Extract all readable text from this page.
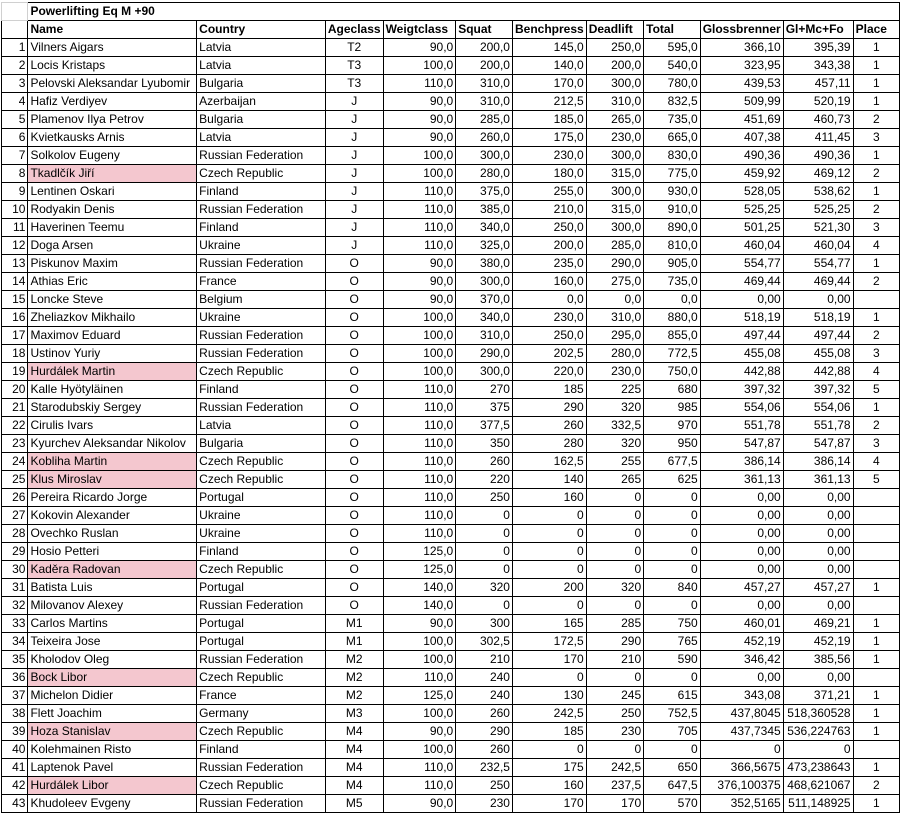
	Powerlifting Eq M +90										
	Name	Country	Ageclass	Weigtclass	Squat	Benchpress	Deadlift	Total	Glossbrenner	Gl+Mc+Fo	Place
1	Vilners Aigars	Latvia	T2	90,0	200,0	145,0	250,0	595,0	366,10	395,39	1
2	Locis Kristaps	Latvia	T3	100,0	200,0	140,0	200,0	540,0	323,95	343,38	1
3	Pelovski Aleksandar Lyubomir	Bulgaria	T3	110,0	310,0	170,0	300,0	780,0	439,53	457,11	1
4	Hafiz Verdiyev	Azerbaijan	J	90,0	310,0	212,5	310,0	832,5	509,99	520,19	1
5	Plamenov Ilya Petrov	Bulgaria	J	90,0	285,0	185,0	265,0	735,0	451,69	460,73	2
6	Kvietkausks Arnis	Latvia	J	90,0	260,0	175,0	230,0	665,0	407,38	411,45	3
7	Solkolov Eugeny	Russian Federation	J	100,0	300,0	230,0	300,0	830,0	490,36	490,36	1
8	Tkadlčík Jiří	Czech Republic	J	100,0	280,0	180,0	315,0	775,0	459,92	469,12	2
9	Lentinen Oskari	Finland	J	110,0	375,0	255,0	300,0	930,0	528,05	538,62	1
10	Rodyakin Denis	Russian Federation	J	110,0	385,0	210,0	315,0	910,0	525,25	525,25	2
11	Haverinen Teemu	Finland	J	110,0	340,0	250,0	300,0	890,0	501,25	521,30	3
12	Doga Arsen	Ukraine	J	110,0	325,0	200,0	285,0	810,0	460,04	460,04	4
13	Piskunov Maxim	Russian Federation	O	90,0	380,0	235,0	290,0	905,0	554,77	554,77	1
14	Athias Eric	France	O	90,0	300,0	160,0	275,0	735,0	469,44	469,44	2
15	Loncke Steve	Belgium	O	90,0	370,0	0,0	0,0	0,0	0,00	0,00	
16	Zheliazkov Mikhailo	Ukraine	O	100,0	340,0	230,0	310,0	880,0	518,19	518,19	1
17	Maximov Eduard	Russian Federation	O	100,0	310,0	250,0	295,0	855,0	497,44	497,44	2
18	Ustinov Yuriy	Russian Federation	O	100,0	290,0	202,5	280,0	772,5	455,08	455,08	3
19	Hurdálek Martin	Czech Republic	O	100,0	300,0	220,0	230,0	750,0	442,88	442,88	4
20	Kalle Hyötyläinen	Finland	O	110,0	270	185	225	680	397,32	397,32	5
21	Starodubskiy Sergey	Russian Federation	O	110,0	375	290	320	985	554,06	554,06	1
22	Cirulis Ivars	Latvia	O	110,0	377,5	260	332,5	970	551,78	551,78	2
23	Kyurchev Aleksandar Nikolov	Bulgaria	O	110,0	350	280	320	950	547,87	547,87	3
24	Kobliha Martin	Czech Republic	O	110,0	260	162,5	255	677,5	386,14	386,14	4
25	Klus Miroslav	Czech Republic	O	110,0	220	140	265	625	361,13	361,13	5
26	Pereira Ricardo Jorge	Portugal	O	110,0	250	160	0	0	0,00	0,00	
27	Kokovin Alexander	Ukraine	O	110,0	0	0	0	0	0,00	0,00	
28	Ovechko Ruslan	Ukraine	O	110,0	0	0	0	0	0,00	0,00	
29	Hosio Petteri	Finland	O	125,0	0	0	0	0	0,00	0,00	
30	Kaděra Radovan	Czech Republic	O	125,0	0	0	0	0	0,00	0,00	
31	Batista Luis	Portugal	O	140,0	320	200	320	840	457,27	457,27	1
32	Milovanov Alexey	Russian Federation	O	140,0	0	0	0	0	0,00	0,00	
33	Carlos Martins	Portugal	M1	90,0	300	165	285	750	460,01	469,21	1
34	Teixeira Jose	Portugal	M1	100,0	302,5	172,5	290	765	452,19	452,19	1
35	Kholodov Oleg	Russian Federation	M2	100,0	210	170	210	590	346,42	385,56	1
36	Bock Libor	Czech Republic	M2	110,0	240	0	0	0	0,00	0,00	
37	Michelon Didier	France	M2	125,0	240	130	245	615	343,08	371,21	1
38	Flett Joachim	Germany	M3	100,0	260	242,5	250	752,5	437,8045	518,360528	1
39	Hoza Stanislav	Czech Republic	M4	90,0	290	185	230	705	437,7345	536,224763	1
40	Kolehmainen Risto	Finland	M4	100,0	260	0	0	0	0	0	
41	Laptenok Pavel	Russian Federation	M4	110,0	232,5	175	242,5	650	366,5675	473,238643	1
42	Hurdálek Libor	Czech Republic	M4	110,0	250	160	237,5	647,5	376,100375	468,621067	2
43	Khudoleev Evgeny	Russian Federation	M5	90,0	230	170	170	570	352,5165	511,148925	1
